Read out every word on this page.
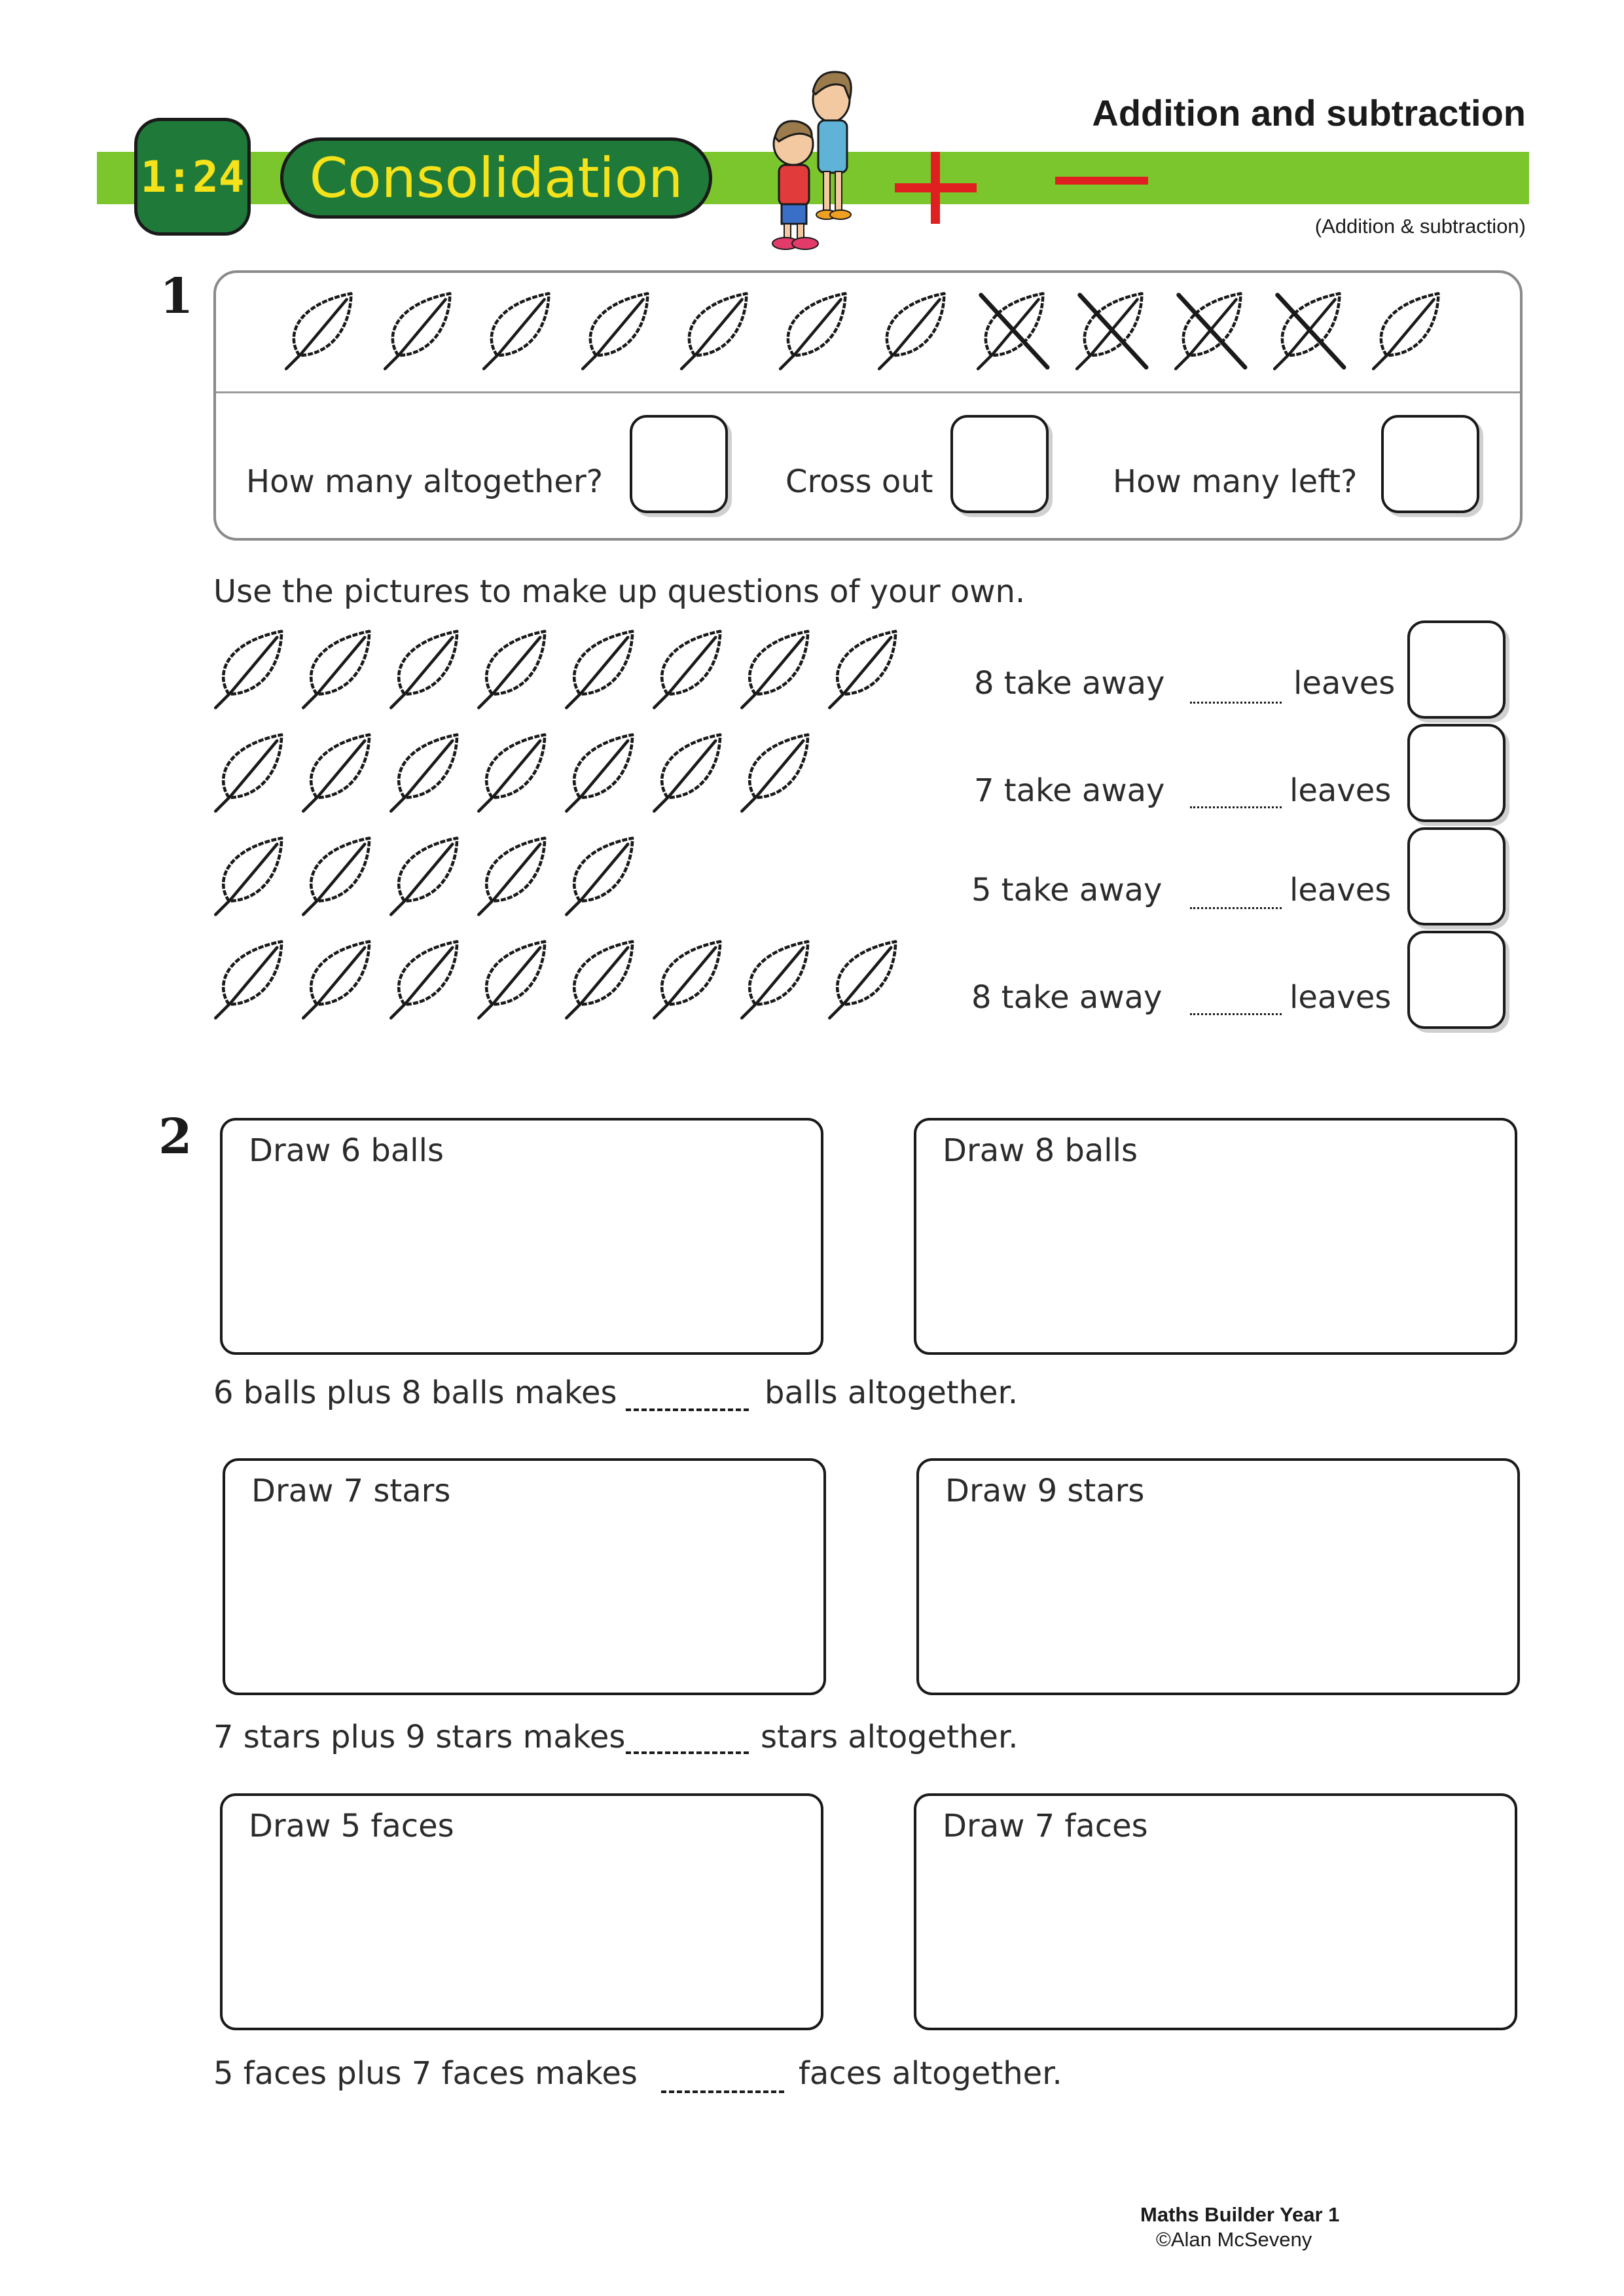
1:24 Consolidation
Addition and subtraction
(Addition & subtraction)
1
How many altogether?	Cross out	How many left?
Use the pictures to make up questions of your own.
8 take away	leaves
7 take away	leaves
5 take away	leaves
8 take away	leaves
2 Draw 6 balls	Draw 8 balls
6 balls plus 8 balls makes	balls altogether.
Draw 7 stars	Draw 9 stars
7 stars plus 9 stars makes	stars altogether.
Draw 5 faces	Draw 7 faces
5 faces plus 7 faces makes	faces altogether.
Maths Builder Year 1
©Alan McSeveny
